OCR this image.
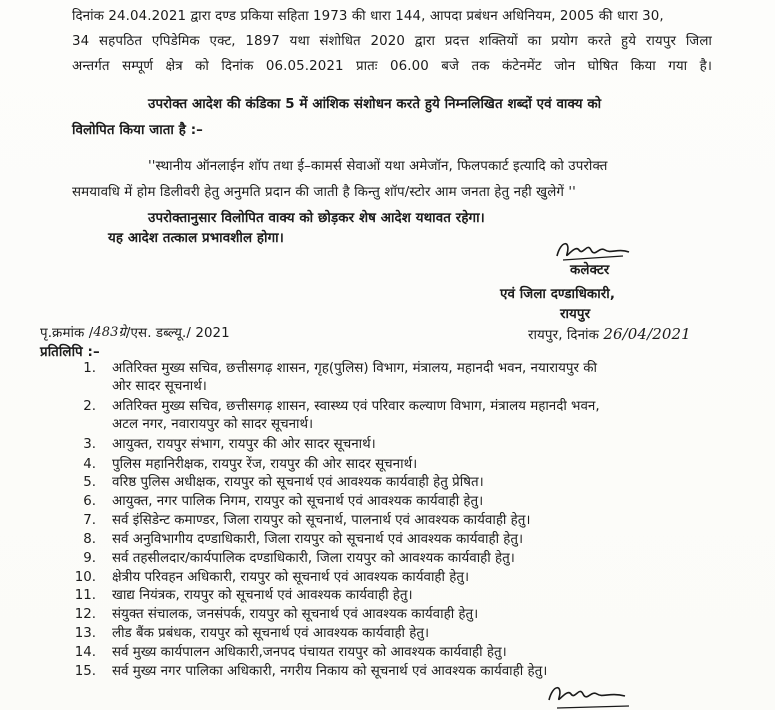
दिनांक 24.04.2021 द्वारा दण्ड प्रकिया सहिता 1973 की धारा 144, आपदा प्रबंधन अधिनियम, 2005 की धारा 30,
34 सहपठित एपिडेमिक एक्ट, 1897 यथा संशोधित 2020 द्वारा प्रदत्त शक्तियों का प्रयोग करते हुये रायपुर जिला
अन्तर्गत सम्पूर्ण क्षेत्र को दिनांक 06.05.2021 प्रातः 06.00 बजे तक कंटेनमेंट जोन घोषित किया गया है।
उपरोक्त आदेश की कंडिका 5 में आंशिक संशोधन करते हुये निम्नलिखित शब्दों एवं वाक्य को
विलोपित किया जाता है :–
''स्थानीय ऑनलाईन शॉप तथा ई–कामर्स सेवाओं यथा अमेजॉन, फिलपकार्ट इत्यादि को उपरोक्त
समयावधि में होम डिलीवरी हेतु अनुमति प्रदान की जाती है किन्तु शॉप/स्टोर आम जनता हेतु नही खुलेगें ''
उपरोक्तानुसार विलोपित वाक्य को छोड़कर शेष आदेश यथावत रहेगा।
यह आदेश तत्काल प्रभावशील होगा।
कलेक्टर
एवं जिला दण्डाधिकारी,
रायपुर
पृ.क्रमांक /483ग्रे/एस. डब्ल्यू./ 2021	रायपुर, दिनांक 26/04/2021
प्रतिलिपि :–
1. अतिरिक्त मुख्य सचिव, छत्तीसगढ़ शासन, गृह(पुलिस) विभाग, मंत्रालय, महानदी भवन, नयारायपुर की
ओर सादर सूचनार्थ।
2. अतिरिक्त मुख्य सचिव, छत्तीसगढ़ शासन, स्वास्थ्य एवं परिवार कल्याण विभाग, मंत्रालय महानदी भवन,
अटल नगर, नवारायपुर को सादर सूचनार्थ।
3. आयुक्त, रायपुर संभाग, रायपुर की ओर सादर सूचनार्थ।
4. पुलिस महानिरीक्षक, रायपुर रेंज, रायपुर की ओर सादर सूचनार्थ।
5. वरिष्ठ पुलिस अधीक्षक, रायपुर को सूचनार्थ एवं आवश्यक कार्यवाही हेतु प्रेषित।
6. आयुक्त, नगर पालिक निगम, रायपुर को सूचनार्थ एवं आवश्यक कार्यवाही हेतु।
7. सर्व इंसिडेन्ट कमाण्डर, जिला रायपुर को सूचनार्थ, पालनार्थ एवं आवश्यक कार्यवाही हेतु।
8. सर्व अनुविभागीय दण्डाधिकारी, जिला रायपुर को सूचनार्थ एवं आवश्यक कार्यवाही हेतु।
9. सर्व तहसीलदार/कार्यपालिक दण्डाधिकारी, जिला रायपुर को आवश्यक कार्यवाही हेतु।
10. क्षेत्रीय परिवहन अधिकारी, रायपुर को सूचनार्थ एवं आवश्यक कार्यवाही हेतु।
11. खाद्य नियंत्रक, रायपुर को सूचनार्थ एवं आवश्यक कार्यवाही हेतु।
12. संयुक्त संचालक, जनसंपर्क, रायपुर को सूचनार्थ एवं आवश्यक कार्यवाही हेतु।
13. लीड बैंक प्रबंधक, रायपुर को सूचनार्थ एवं आवश्यक कार्यवाही हेतु।
14. सर्व मुख्य कार्यपालन अधिकारी,जनपद पंचायत रायपुर को आवश्यक कार्यवाही हेतु।
15. सर्व मुख्य नगर पालिका अधिकारी, नगरीय निकाय को सूचनार्थ एवं आवश्यक कार्यवाही हेतु।
